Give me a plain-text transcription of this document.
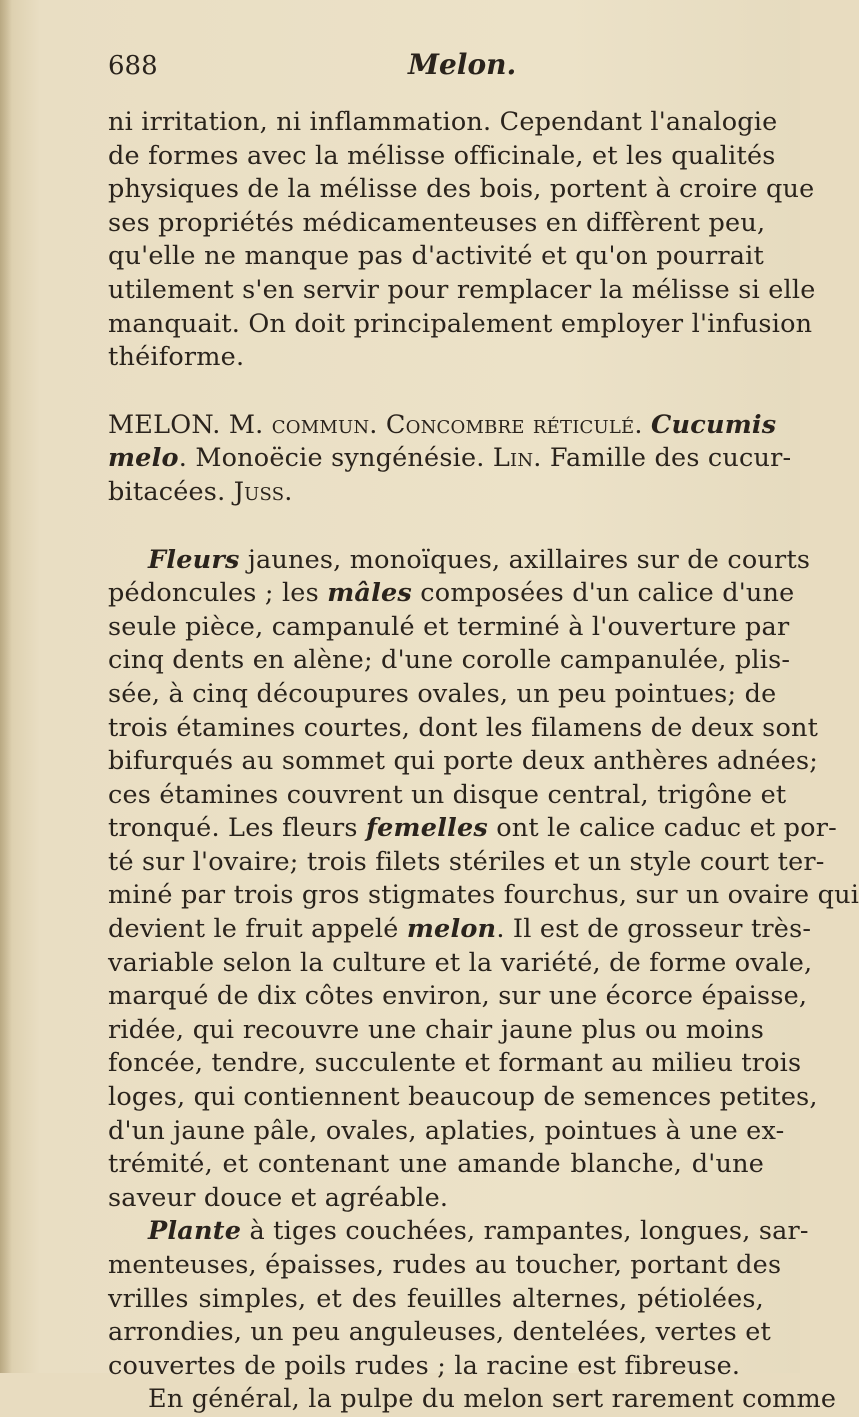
688	Melon.
ni irritation, ni inflammation. Cependant l'analogie
de formes avec la mélisse officinale, et les qualités
physiques de la mélisse des bois, portent à croire que
ses propriétés médicamenteuses en diffèrent peu,
qu'elle ne manque pas d'activité et qu'on pourrait
utilement s'en servir pour remplacer la mélisse si elle
manquait. On doit principalement employer l'infusion
théiforme.
MELON. M. commun. Concombre réticulé. Cucumis
melo. Monoëcie syngénésie. Lin. Famille des cucur-
bitacées. Juss.
Fleurs jaunes, monoïques, axillaires sur de courts
pédoncules ; les mâles composées d'un calice d'une
seule pièce, campanulé et terminé à l'ouverture par
cinq dents en alène; d'une corolle campanulée, plis-
sée, à cinq découpures ovales, un peu pointues; de
trois étamines courtes, dont les filamens de deux sont
bifurqués au sommet qui porte deux anthères adnées;
ces étamines couvrent un disque central, trigône et
tronqué. Les fleurs femelles ont le calice caduc et por-
té sur l'ovaire; trois filets stériles et un style court ter-
miné par trois gros stigmates fourchus, sur un ovaire qui
devient le fruit appelé melon. Il est de grosseur très-
variable selon la culture et la variété, de forme ovale,
marqué de dix côtes environ, sur une écorce épaisse,
ridée, qui recouvre une chair jaune plus ou moins
foncée, tendre, succulente et formant au milieu trois
loges, qui contiennent beaucoup de semences petites,
d'un jaune pâle, ovales, aplaties, pointues à une ex-
trémité, et contenant une amande blanche, d'une
saveur douce et agréable.
Plante à tiges couchées, rampantes, longues, sar-
menteuses, épaisses, rudes au toucher, portant des
vrilles simples, et des feuilles alternes, pétiolées,
arrondies, un peu anguleuses, dentelées, vertes et
couvertes de poils rudes ; la racine est fibreuse.
En général, la pulpe du melon sert rarement comme
